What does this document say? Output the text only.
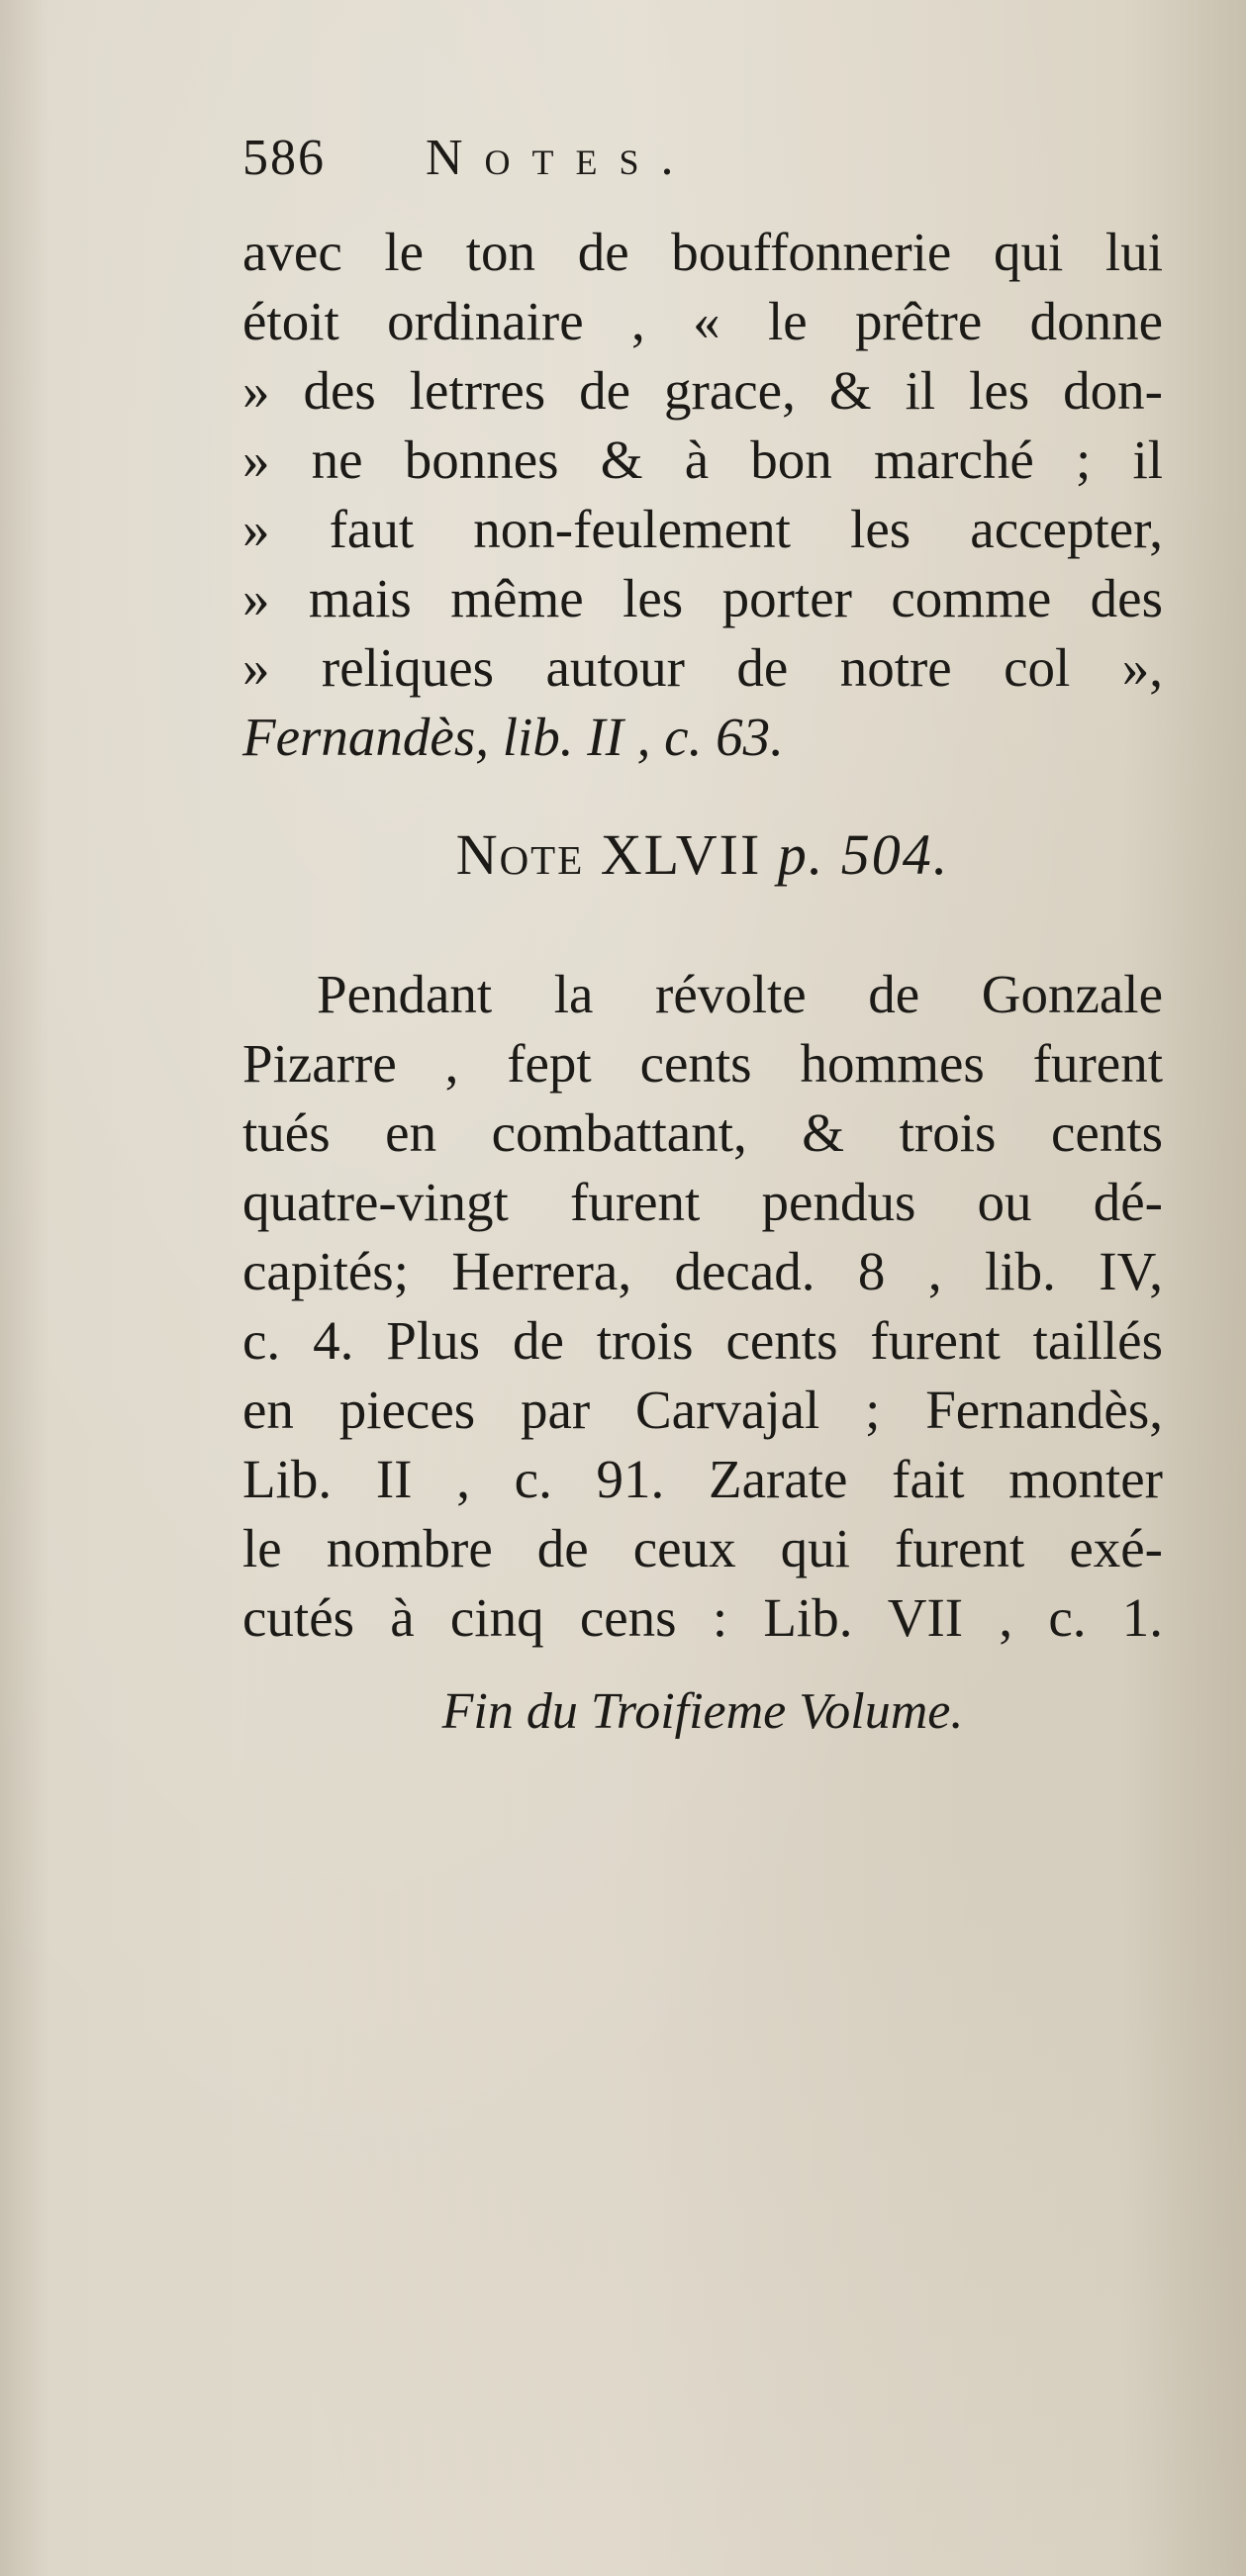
586 Notes.
avec le ton de bouffonnerie qui lui
étoit ordinaire , « le prêtre donne
» des letrres de grace, & il les don-
» ne bonnes & à bon marché ; il
» faut non-feulement les accepter,
» mais même les porter comme des
» reliques autour de notre col »,
Fernandès, lib. II , c. 63.
Note XLVII p. 504.
Pendant la révolte de Gonzale
Pizarre , fept cents hommes furent
tués en combattant, & trois cents
quatre-vingt furent pendus ou dé-
capités; Herrera, decad. 8 , lib. IV,
c. 4. Plus de trois cents furent taillés
en pieces par Carvajal ; Fernandès,
Lib. II , c. 91. Zarate fait monter
le nombre de ceux qui furent exé-
cutés à cinq cens : Lib. VII , c. 1.
Fin du Troifieme Volume.
